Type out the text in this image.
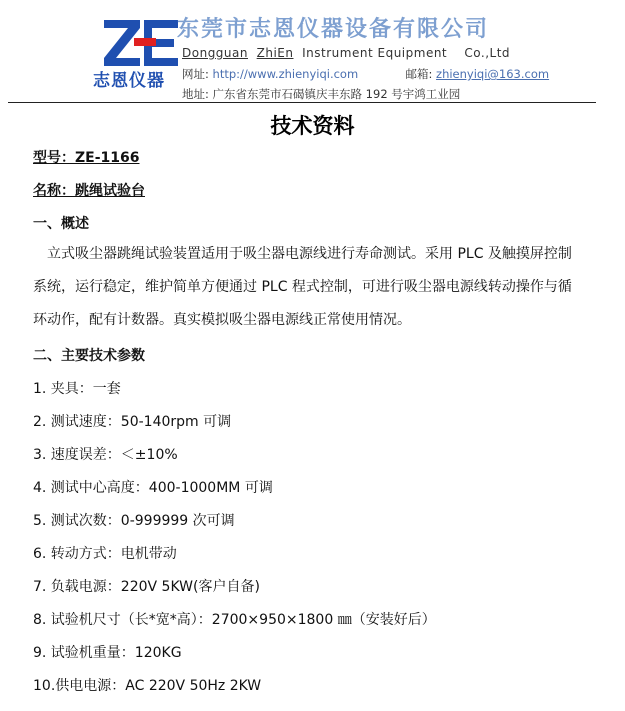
志恩仪器
东莞市志恩仪器设备有限公司
Dongguan ZhiEn Instrument Equipment Co.,Ltd
网址: http://www.zhienyiqi.com	邮箱: zhienyiqi@163.com
地址: 广东省东莞市石碣镇庆丰东路 192 号宇鸿工业园
技术资料
型号：ZE-1166
名称：跳绳试验台
一、概述
立式吸尘器跳绳试验装置适用于吸尘器电源线进行寿命测试。采用 PLC 及触摸屏控制
系统，运行稳定，维护简单方便通过 PLC 程式控制，可进行吸尘器电源线转动操作与循
环动作，配有计数器。真实模拟吸尘器电源线正常使用情况。
二、主要技术参数
1. 夹具：一套
2. 测试速度：50-140rpm 可调
3. 速度误差：＜±10%
4. 测试中心高度：400-1000MM 可调
5. 测试次数：0-999999 次可调
6. 转动方式：电机带动
7. 负载电源：220V 5KW(客户自备)
8. 试验机尺寸（长*宽*高）：2700×950×1800 ㎜（安装好后）
9. 试验机重量：120KG
10.供电电源：AC 220V 50Hz 2KW
